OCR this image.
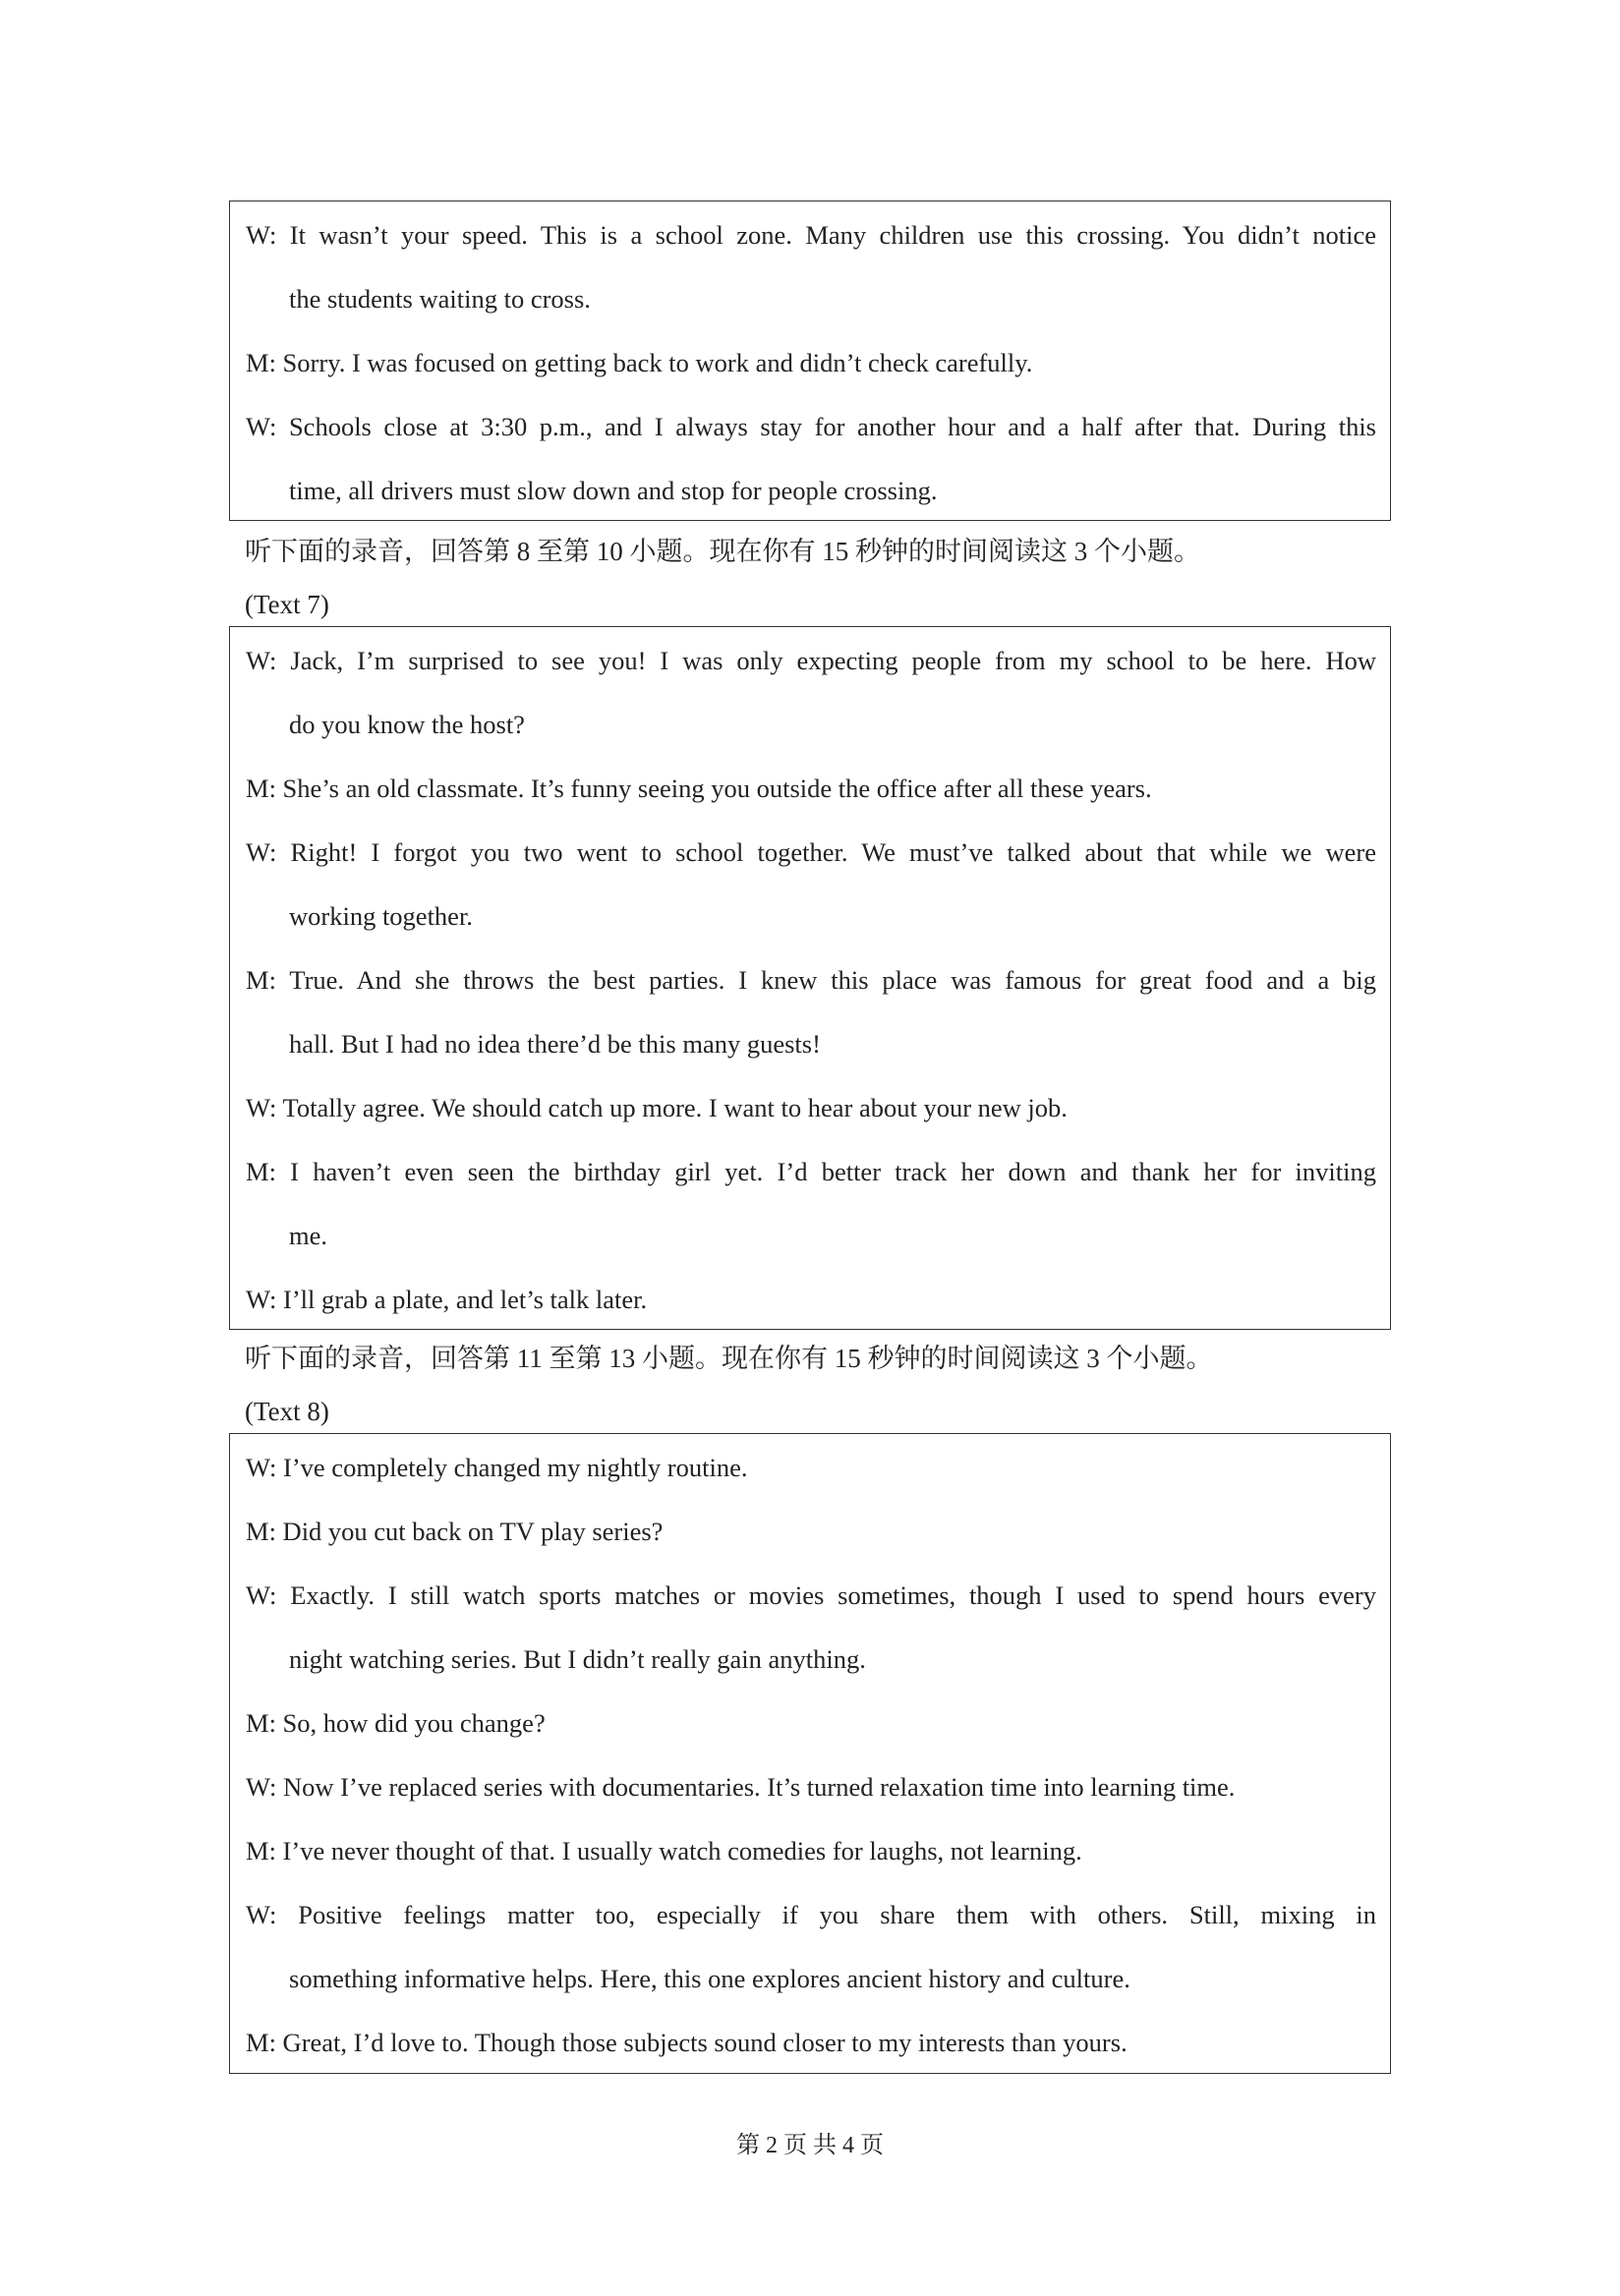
W: It wasn’t your speed. This is a school zone. Many children use this crossing. You didn’t notice
the students waiting to cross.
M: Sorry. I was focused on getting back to work and didn’t check carefully.
W: Schools close at 3:30 p.m., and I always stay for another hour and a half after that. During this
time, all drivers must slow down and stop for people crossing.
听下面的录音，回答第 8 至第 10 小题。现在你有 15 秒钟的时间阅读这 3 个小题。
(Text 7)
W: Jack, I’m surprised to see you! I was only expecting people from my school to be here. How
do you know the host?
M: She’s an old classmate. It’s funny seeing you outside the office after all these years.
W: Right! I forgot you two went to school together. We must’ve talked about that while we were
working together.
M: True. And she throws the best parties. I knew this place was famous for great food and a big
hall. But I had no idea there’d be this many guests!
W: Totally agree. We should catch up more. I want to hear about your new job.
M: I haven’t even seen the birthday girl yet. I’d better track her down and thank her for inviting
me.
W: I’ll grab a plate, and let’s talk later.
听下面的录音，回答第 11 至第 13 小题。现在你有 15 秒钟的时间阅读这 3 个小题。
(Text 8)
W: I’ve completely changed my nightly routine.
M: Did you cut back on TV play series?
W: Exactly. I still watch sports matches or movies sometimes, though I used to spend hours every
night watching series. But I didn’t really gain anything.
M: So, how did you change?
W: Now I’ve replaced series with documentaries. It’s turned relaxation time into learning time.
M: I’ve never thought of that. I usually watch comedies for laughs, not learning.
W: Positive feelings matter too, especially if you share them with others. Still, mixing in
something informative helps. Here, this one explores ancient history and culture.
M: Great, I’d love to. Though those subjects sound closer to my interests than yours.
第 2 页 共 4 页
